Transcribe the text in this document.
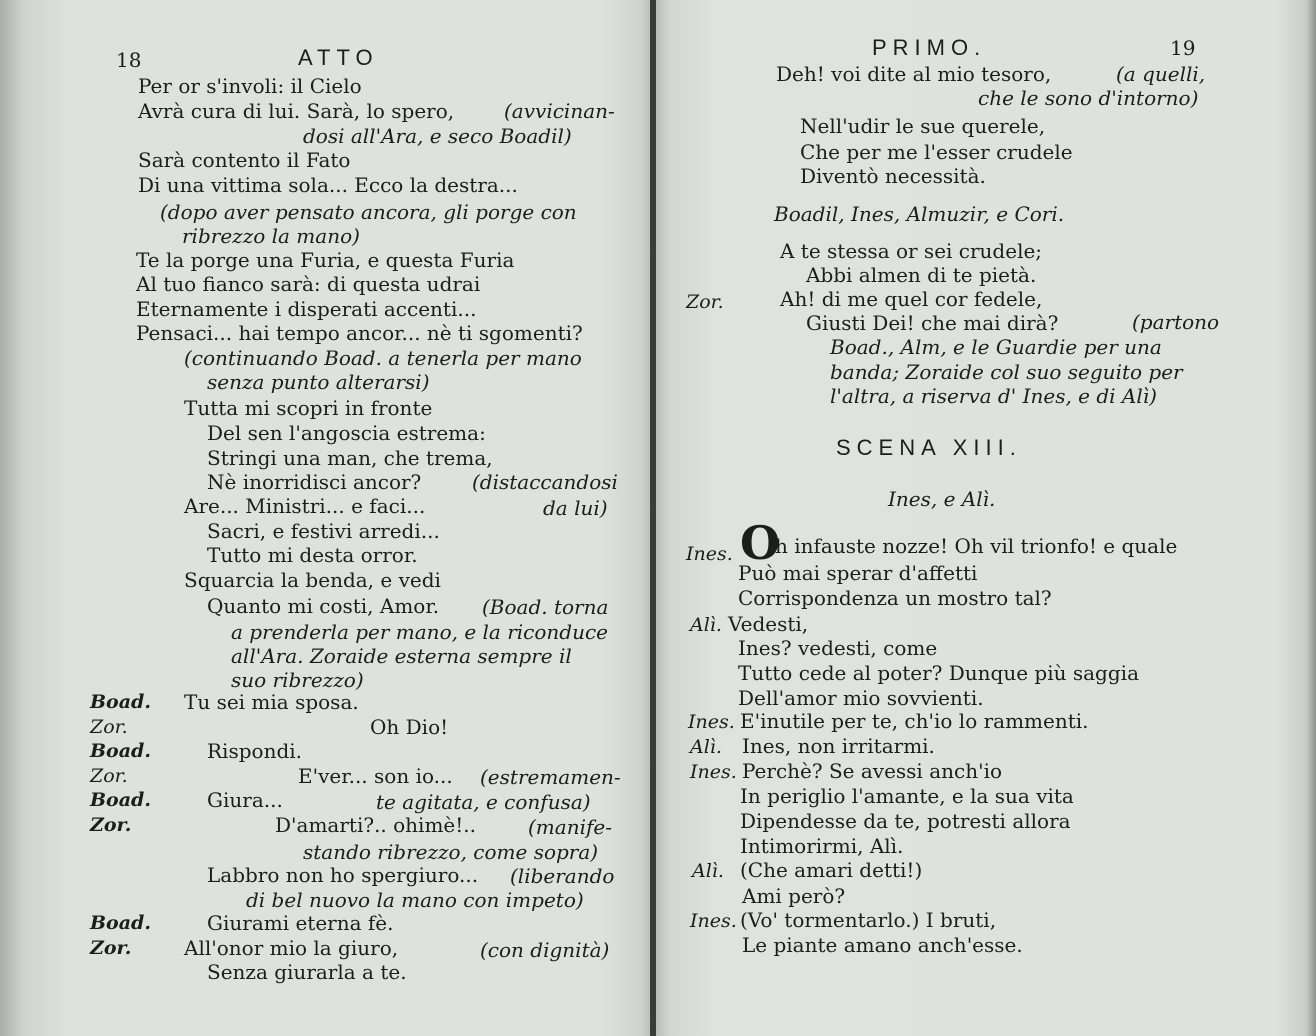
18	ATTO
Per or s'involi: il Cielo
Avrà cura di lui. Sarà, lo spero, (avvicinan-
dosi all'Ara, e seco Boadil)
Sarà contento il Fato
Di una vittima sola... Ecco la destra...
(dopo aver pensato ancora, gli porge con
ribrezzo la mano)
Te la porge una Furia, e questa Furia
Al tuo fianco sarà: di questa udrai
Eternamente i disperati accenti...
Pensaci... hai tempo ancor... nè ti sgomenti?
(continuando Boad. a tenerla per mano
senza punto alterarsi)
Tutta mi scopri in fronte
Del sen l'angoscia estrema:
Stringi una man, che trema,
Nè inorridisci ancor?	(distaccandosi
Are... Ministri... e faci...	da lui)
Sacri, e festivi arredi...
Tutto mi desta orror.
Squarcia la benda, e vedi
Quanto mi costi, Amor. (Boad. torna
a prenderla per mano, e la riconduce
all'Ara. Zoraide esterna sempre il
suo ribrezzo)
Boad. Tu sei mia sposa.
Zor.	Oh Dio!
Boad.	Rispondi.
Zor.	E'ver... son io... (estremamen-
Boad.	Giura...	te agitata, e confusa)
Zor.	D'amarti?.. ohimè!..	(manife-
stando ribrezzo, come sopra)
Labbro non ho spergiuro... (liberando
di bel nuovo la mano con impeto)
Boad.	Giurami eterna fè.
Zor.	All'onor mio la giuro,	(con dignità)
Senza giurarla a te.
PRIMO.	19
Deh! voi dite al mio tesoro,	(a quelli,
che le sono d'intorno)
Nell'udir le sue querele,
Che per me l'esser crudele
Diventò necessità.
Boadil, Ines, Almuzir, e Cori.
A te stessa or sei crudele;
Abbi almen di te pietà.
Zor.	Ah! di me quel cor fedele,
Giusti Dei! che mai dirà?	(partono
Boad., Alm, e le Guardie per una
banda; Zoraide col suo seguito per
l'altra, a riserva d' Ines, e di Alì)
SCENA XIII.
Ines, e Alì.
Ines. O
h infauste nozze! Oh vil trionfo! e quale
Può mai sperar d'affetti
Corrispondenza un mostro tal?
Alì. Vedesti,
Ines? vedesti, come
Tutto cede al poter? Dunque più saggia
Dell'amor mio sovvienti.
Ines. E'inutile per te, ch'io lo rammenti.
Alì. Ines, non irritarmi.
Ines. Perchè? Se avessi anch'io
In periglio l'amante, e la sua vita
Dipendesse da te, potresti allora
Intimorirmi, Alì.
Alì. (Che amari detti!)
Ami però?
Ines. (Vo' tormentarlo.) I bruti,
Le piante amano anch'esse.
